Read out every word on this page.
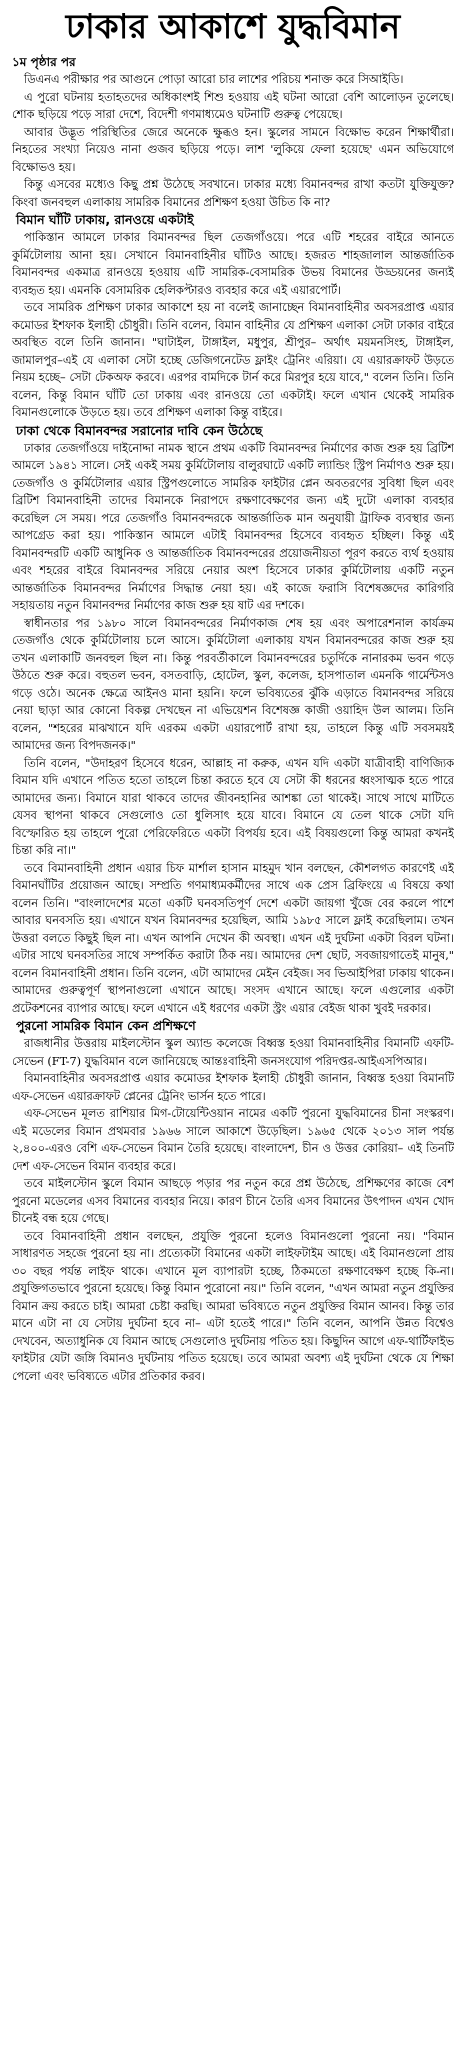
ঢাকার আকাশে যুদ্ধবিমান

১ম পৃষ্ঠার পর

ডিএনএ পরীক্ষার পর আগুনে পোড়া আরো চার লাশের পরিচয় শনাক্ত করে সিআইডি।

এ পুরো ঘটনায় হতাহতদের অধিকাংশই শিশু হওয়ায় এই ঘটনা আরো বেশি আলোড়ন তুলেছে। শোক ছড়িয়ে পড়ে সারা দেশে, বিদেশী গণমাধ্যমেও ঘটনাটি গুরুত্ব পেয়েছে।

আবার উদ্ভূত পরিস্থিতির জেরে অনেকে ক্ষুব্ধও হন। স্কুলের সামনে বিক্ষোভ করেন শিক্ষার্থীরা। নিহতের সংখ্যা নিয়েও নানা গুজব ছড়িয়ে পড়ে। লাশ 'লুকিয়ে ফেলা হয়েছে' এমন অভিযোগে বিক্ষোভও হয়।

কিন্তু এসবের মধ্যেও কিছু প্রশ্ন উঠেছে সবখানে। ঢাকার মধ্যে বিমানবন্দর রাখা কতটা যুক্তিযুক্ত? কিংবা জনবহুল এলাকায় সামরিক বিমানের প্রশিক্ষণ হওয়া উচিত কি না?

বিমান ঘাঁটি ঢাকায়, রানওয়ে একটাই

পাকিস্তান আমলে ঢাকার বিমানবন্দর ছিল তেজগাঁওয়ে। পরে এটি শহরের বাইরে আনতে কুর্মিটোলায় আনা হয়। সেখানে বিমানবাহিনীর ঘাঁটিও আছে। হজরত শাহজালাল আন্তর্জাতিক বিমানবন্দর একমাত্র রানওয়ে হওয়ায় এটি সামরিক-বেসামরিক উভয় বিমানের উড্ডয়নের জন্যই ব্যবহৃত হয়। এমনকি বেসামরিক হেলিকপ্টারও ব্যবহার করে এই এয়ারপোর্ট।

তবে সামরিক প্রশিক্ষণ ঢাকার আকাশে হয় না বলেই জানাচ্ছেন বিমানবাহিনীর অবসরপ্রাপ্ত এয়ার কমোডর ইশফাক ইলাহী চৌধুরী। তিনি বলেন, বিমান বাহিনীর যে প্রশিক্ষণ এলাকা সেটা ঢাকার বাইরে অবস্থিত বলে তিনি জানান। "ঘাটাইল, টাঙ্গাইল, মধুপুর, শ্রীপুর– অর্থাৎ ময়মনসিংহ, টাঙ্গাইল, জামালপুর–এই যে এলাকা সেটা হচ্ছে ডেজিগনেটেড ফ্লাইং ট্রেনিং এরিয়া। যে এয়ারক্রাফট উড়তে নিয়ম হচ্ছে– সেটা টেকঅফ করবে। এরপর বামদিকে টার্ন করে মিরপুর হয়ে যাবে," বলেন তিনি। তিনি বলেন, কিন্তু বিমান ঘাঁটি তো ঢাকায় এবং রানওয়ে তো একটাই। ফলে এখান থেকেই সামরিক বিমানগুলোকে উড়তে হয়। তবে প্রশিক্ষণ এলাকা কিন্তু বাইরে।

ঢাকা থেকে বিমানবন্দর সরানোর দাবি কেন উঠেছে

ঢাকার তেজগাঁওয়ে দাইনোদ্দা নামক স্থানে প্রথম একটি বিমানবন্দর নির্মাণের কাজ শুরু হয় ব্রিটিশ আমলে ১৯৪১ সালে। সেই একই সময় কুর্মিটোলায় বালুরঘাটে একটি ল্যান্ডিং স্ট্রিপ নির্মাণও শুরু হয়। তেজগাঁও ও কুর্মিটোলার এয়ার স্ট্রিপগুলোতে সামরিক ফাইটার প্লেন অবতরণের সুবিধা ছিল এবং ব্রিটিশ বিমানবাহিনী তাদের বিমানকে নিরাপদে রক্ষণাবেক্ষণের জন্য এই দুটো এলাকা ব্যবহার করেছিল সে সময়। পরে তেজগাঁও বিমানবন্দরকে আন্তর্জাতিক মান অনুযায়ী ট্রাফিক ব্যবস্থার জন্য আপগ্রেড করা হয়। পাকিস্তান আমলে এটাই বিমানবন্দর হিসেবে ব্যবহৃত হচ্ছিল। কিন্তু এই বিমানবন্দরটি একটি আধুনিক ও আন্তর্জাতিক বিমানবন্দরের প্রয়োজনীয়তা পূরণ করতে ব্যর্থ হওয়ায় এবং শহরের বাইরে বিমানবন্দর সরিয়ে নেয়ার অংশ হিসেবে ঢাকার কুর্মিটোলায় একটি নতুন আন্তর্জাতিক বিমানবন্দর নির্মাণের সিদ্ধান্ত নেয়া হয়। এই কাজে ফরাসি বিশেষজ্ঞদের কারিগরি সহায়তায় নতুন বিমানবন্দর নির্মাণের কাজ শুরু হয় ষাট এর দশকে।

স্বাধীনতার পর ১৯৮০ সালে বিমানবন্দরের নির্মাণকাজ শেষ হয় এবং অপারেশনাল কার্যক্রম তেজগাঁও থেকে কুর্মিটোলায় চলে আসে। কুর্মিটোলা এলাকায় যখন বিমানবন্দরের কাজ শুরু হয় তখন এলাকাটি জনবহুল ছিল না। কিন্তু পরবর্তীকালে বিমানবন্দরের চতুর্দিকে নানারকম ভবন গড়ে উঠতে শুরু করে। বহুতল ভবন, বসতবাড়ি, হোটেল, স্কুল, কলেজ, হাসপাতাল এমনকি গার্মেন্টসও গড়ে ওঠে। অনেক ক্ষেত্রে আইনও মানা হয়নি। ফলে ভবিষ্যতের ঝুঁকি এড়াতে বিমানবন্দর সরিয়ে নেয়া ছাড়া আর কোনো বিকল্প দেখছেন না এভিয়েশন বিশেষজ্ঞ কাজী ওয়াহিদ উল আলম। তিনি বলেন, "শহরের মাঝখানে যদি এরকম একটা এয়ারপোর্ট রাখা হয়, তাহলে কিন্তু এটি সবসময়ই আমাদের জন্য বিপদজনক।"

তিনি বলেন, "উদাহরণ হিসেবে ধরেন, আল্লাহ না করুক, এখন যদি একটা যাত্রীবাহী বাণিজ্যিক বিমান যদি এখানে পতিত হতো তাহলে চিন্তা করতে হবে যে সেটা কী ধরনের ধ্বংসাত্মক হতে পারে আমাদের জন্য। বিমানে যারা থাকবে তাদের জীবনহানির আশঙ্কা তো থাকেই। সাথে সাথে মাটিতে যেসব স্থাপনা থাকবে সেগুলোও তো ধুলিসাৎ হয়ে যাবে। বিমানে যে তেল থাকে সেটা যদি বিস্ফোরিত হয় তাহলে পুরো পেরিফেরিতে একটা বিপর্যয় হবে। এই বিষয়গুলো কিন্তু আমরা কখনই চিন্তা করি না।"

তবে বিমানবাহিনী প্রধান এয়ার চিফ মার্শাল হাসান মাহমুদ খান বলছেন, কৌশলগত কারণেই এই বিমানঘাঁটির প্রয়োজন আছে। সম্প্রতি গণমাধ্যমকর্মীদের সাথে এক প্রেস ব্রিফিংয়ে এ বিষয়ে কথা বলেন তিনি। "বাংলাদেশের মতো একটি ঘনবসতিপূর্ণ দেশে একটা জায়গা খুঁজে বের করলে পাশে আবার ঘনবসতি হয়। এখানে যখন বিমানবন্দর হয়েছিল, আমি ১৯৮৫ সালে ফ্লাই করেছিলাম। তখন উত্তরা বলতে কিছুই ছিল না। এখন আপনি দেখেন কী অবস্থা। এখন এই দুর্ঘটনা একটা বিরল ঘটনা। এটার সাথে ঘনবসতির সাথে সম্পর্কিত করাটা ঠিক নয়। আমাদের দেশ ছোট, সবজায়গাতেই মানুষ," বলেন বিমানবাহিনী প্রধান। তিনি বলেন, এটা আমাদের মেইন বেইজ। সব ভিআইপিরা ঢাকায় থাকেন। আমাদের গুরুত্বপূর্ণ স্থাপনাগুলো এখানে আছে। সংসদ এখানে আছে। ফলে এগুলোর একটা প্রটেকশনের ব্যাপার আছে। ফলে এখানে এই ধরণের একটা স্ট্রং এয়ার বেইজ থাকা খুবই দরকার।

পুরনো সামরিক বিমান কেন প্রশিক্ষণে

রাজধানীর উত্তরায় মাইলস্টোন স্কুল অ্যান্ড কলেজে বিধ্বস্ত হওয়া বিমানবাহিনীর বিমানটি এফটি-সেভেন (FT-7) যুদ্ধবিমান বলে জানিয়েছে আন্তঃবাহিনী জনসংযোগ পরিদপ্তর-আইএসপিআর।

বিমানবাহিনীর অবসরপ্রাপ্ত এয়ার কমোডর ইশফাক ইলাহী চৌধুরী জানান, বিধ্বস্ত হওয়া বিমানটি এফ-সেভেন এয়ারক্রাফট প্লেনের ট্রেনিং ভার্সন হতে পারে।

এফ-সেভেন মূলত রাশিয়ার মিগ-টোয়েন্টিওয়ান নামের একটি পুরনো যুদ্ধবিমানের চীনা সংস্করণ। এই মডেলের বিমান প্রথমবার ১৯৬৬ সালে আকাশে উড়েছিল। ১৯৬৫ থেকে ২০১৩ সাল পর্যন্ত ২,৪০০-এরও বেশি এফ-সেভেন বিমান তৈরি হয়েছে। বাংলাদেশ, চীন ও উত্তর কোরিয়া– এই তিনটি দেশ এফ-সেভেন বিমান ব্যবহার করে।

তবে মাইলস্টোন স্কুলে বিমান আছড়ে পড়ার পর নতুন করে প্রশ্ন উঠেছে, প্রশিক্ষণের কাজে বেশ পুরনো মডেলের এসব বিমানের ব্যবহার নিয়ে। কারণ চীনে তৈরি এসব বিমানের উৎপাদন এখন খোদ চীনেই বন্ধ হয়ে গেছে।

তবে বিমানবাহিনী প্রধান বলছেন, প্রযুক্তি পুরনো হলেও বিমানগুলো পুরনো নয়। "বিমান সাধারণত সহজে পুরনো হয় না। প্রত্যেকটা বিমানের একটা লাইফটাইম আছে। এই বিমানগুলো প্রায় ৩০ বছর পর্যন্ত লাইফ থাকে। এখানে মূল ব্যাপারটা হচ্ছে, ঠিকমতো রক্ষণাবেক্ষণ হচ্ছে কি-না। প্রযুক্তিগতভাবে পুরনো হয়েছে। কিন্তু বিমান পুরোনো নয়।" তিনি বলেন, "এখন আমরা নতুন প্রযুক্তির বিমান ক্রয় করতে চাই। আমরা চেষ্টা করছি। আমরা ভবিষ্যতে নতুন প্রযুক্তির বিমান আনব। কিন্তু তার মানে এটা না যে সেটায় দুর্ঘটনা হবে না– এটা হতেই পারে।" তিনি বলেন, আপনি উন্নত বিশ্বেও দেখবেন, অত্যাধুনিক যে বিমান আছে সেগুলোও দুর্ঘটনায় পতিত হয়। কিছুদিন আগে এফ-থার্টিফাইভ ফাইটার যেটা জঙ্গি বিমানও দুর্ঘটনায় পতিত হয়েছে। তবে আমরা অবশ্য এই দুর্ঘটনা থেকে যে শিক্ষা পেলো এবং ভবিষ্যতে এটার প্রতিকার করব।
